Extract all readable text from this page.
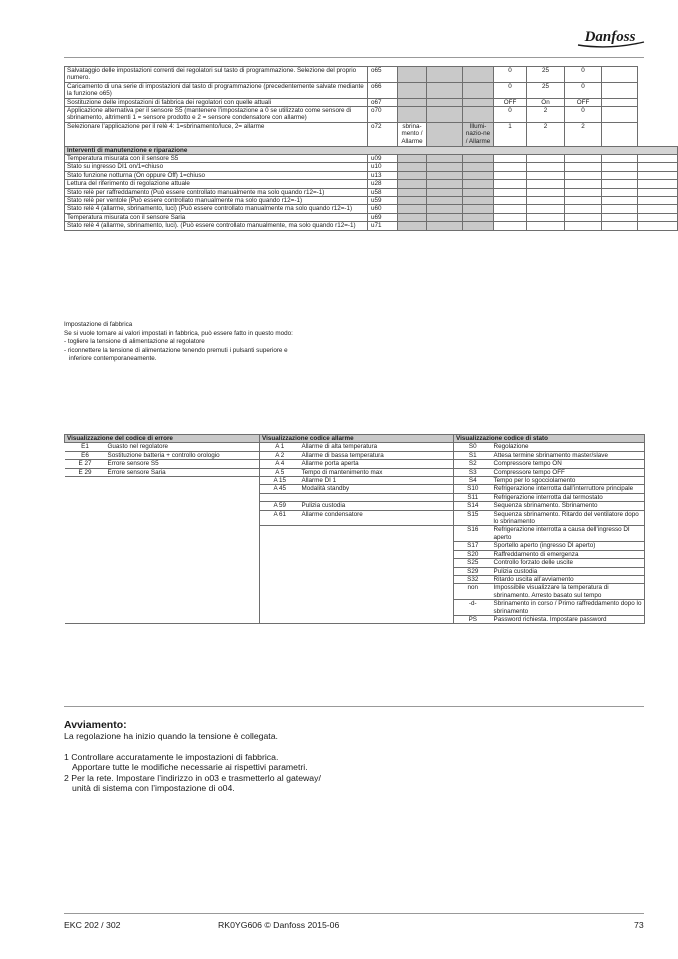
Danfoss
Salvataggio delle impostazioni correnti dei regolatori sul tasto di programmazione. Selezione del proprio numero.	o65				0	25	0		
Caricamento di una serie di impostazioni dal tasto di programmazione (precedentemente salvate mediante la funzione o65)	o66				0	25	0		
Sostituzione delle impostazioni di fabbrica dei regolatori con quelle attuali	o67				OFF	On	OFF		
Applicazione alternativa per il sensore S5 (mantenere l’impostazione a 0 se utilizzato come sensore di sbrinamento, altrimenti 1 = sensore prodotto e 2 = sensore condensatore con allarme)	o70				0	2	0		
Selezionare l’applicazione per il relè 4: 1=sbrinamento/luce, 2= allarme	o72	sbrina-mento / Allarme		Illumi-nazio-ne / Allarme	1	2	2		
Interventi di manutenzione e riparazione									
Temperatura misurata con il sensore S5	u09								
Stato su ingresso DI1 on/1=chiuso	u10								
Stato funzione notturna (On oppure Off) 1=chiuso	u13								
Lettura del riferimento di regolazione attuale	u28								
Stato relè per raffreddamento (Può essere controllato manualmente ma solo quando r12=-1)	u58								
Stato relè per ventole (Può essere controllato manualmente ma solo quando r12=-1)	u59								
Stato relè 4 (allarme, sbrinamento, luci) (Può essere controllato manualmente ma solo quando r12=-1)	u60								
Temperatura misurata con il sensore Saria	u69								
Stato relè 4 (allarme, sbrinamento, luci). (Può essere controllato manualmente, ma solo quando r12=-1)	u71								
Impostazione di fabbrica
Se si vuole tornare ai valori impostati in fabbrica, può essere fatto in questo modo:
- togliere la tensione di alimentazione al regolatore
- riconnettere la tensione di alimentazione tenendo premuti i pulsanti superiore e
inferiore contemporaneamente.
Visualizzazione del codice di errore		Visualizzazione codice allarme		Visualizzazione codice di stato	
E1	Guasto nel regolatore	A 1	Allarme di alta temperatura	S0	Regolazione
E6	Sostituzione batteria + controllo orologio	A 2	Allarme di bassa temperatura	S1	Attesa termine sbrinamento master/slave
E 27	Errore sensore S5	A 4	Allarme porta aperta	S2	Compressore tempo ON
E 29	Errore sensore Saria	A 5	Tempo di mantenimento max	S3	Compressore tempo OFF
		A 15	Allarme DI 1	S4	Tempo per lo sgocciolamento
		A 45	Modalità standby	S10	Refrigerazione interrotta dall’interruttore principale
				S11	Refrigerazione interrotta dal termostato
		A 59	Pulizia custodia	S14	Sequenza sbrinamento. Sbrinamento
		A 61	Allarme condensatore	S15	Sequenza sbrinamento. Ritardo del ventilatore dopo lo sbrinamento
				S16	Refrigerazione interrotta a causa dell’ingresso DI aperto
				S17	Sportello aperto (ingresso DI aperto)
				S20	Raffreddamento di emergenza
				S25	Controllo forzato delle uscite
				S29	Pulizia custodia
				S32	Ritardo uscita all’avviamento
				non	Impossibile visualizzare la temperatura di sbrinamento. Arresto basato sul tempo
				-d-	Sbrinamento in corso / Primo raffreddamento dopo lo sbrinamento
				PS	Password richiesta. Impostare password
Avviamento:

La regolazione ha inizio quando la tensione è collegata.

1 Controllare accuratamente le impostazioni di fabbrica.

Apportare tutte le modifiche necessarie ai rispettivi parametri.

2 Per la rete. Impostare l’indirizzo in o03 e trasmetterlo al gateway/

unità di sistema con l’impostazione di o04.

EKC 202 / 302	RK0YG606 © Danfoss 2015-06	73
